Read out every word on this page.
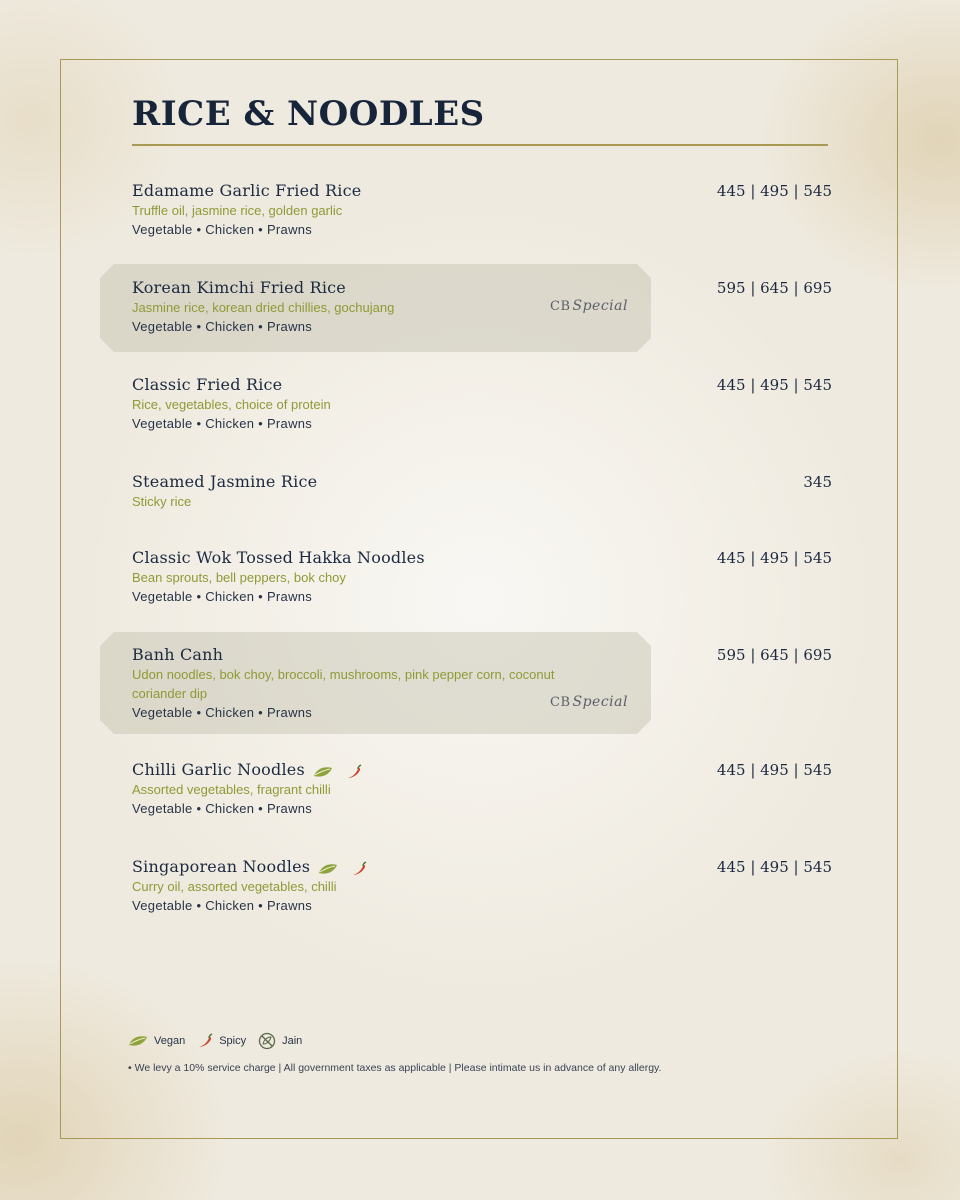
RICE & NOODLES
Edamame Garlic Fried Rice
Truffle oil, jasmine rice, golden garlic
Vegetable • Chicken • Prawns
445 | 495 | 545
Korean Kimchi Fried Rice
Jasmine rice, korean dried chillies, gochujang
Vegetable • Chicken • Prawns
595 | 645 | 695
CB Special
Classic Fried Rice
Rice, vegetables, choice of protein
Vegetable • Chicken • Prawns
445 | 495 | 545
Steamed Jasmine Rice
Sticky rice
345
Classic Wok Tossed Hakka Noodles
Bean sprouts, bell peppers, bok choy
Vegetable • Chicken • Prawns
445 | 495 | 545
Banh Canh
Udon noodles, bok choy, broccoli, mushrooms, pink pepper corn, coconut coriander dip
Vegetable • Chicken • Prawns
595 | 645 | 695
CB Special
Chilli Garlic Noodles
Assorted vegetables, fragrant chilli
Vegetable • Chicken • Prawns
445 | 495 | 545
Singaporean Noodles
Curry oil, assorted vegetables, chilli
Vegetable • Chicken • Prawns
445 | 495 | 545
Vegan	Spicy	Jain
• We levy a 10% service charge | All government taxes as applicable | Please intimate us in advance of any allergy.
